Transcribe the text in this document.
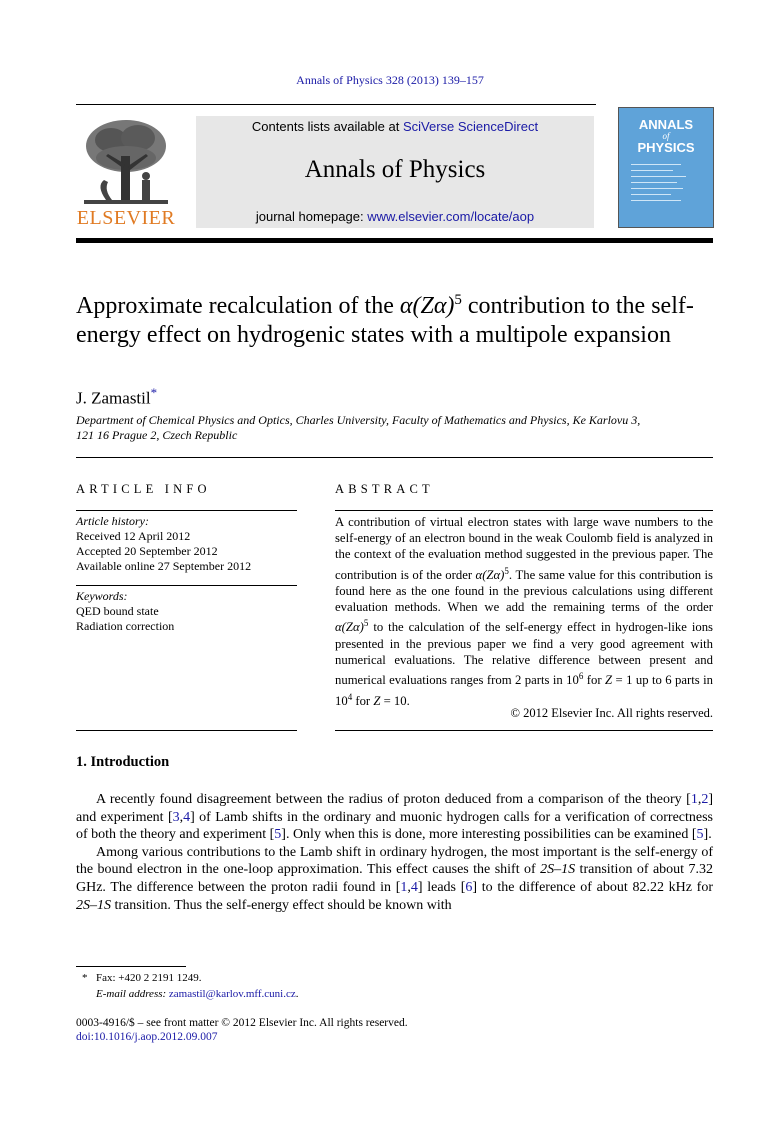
Annals of Physics 328 (2013) 139–157
ELSEVIER
Contents lists available at SciVerse ScienceDirect
Annals of Physics
journal homepage: www.elsevier.com/locate/aop
ANNALS
of
PHYSICS
Approximate recalculation of the $\alpha(Z\alpha)^5$ contribution to the self-energy effect on hydrogenic states with a multipole expansion
J. Zamastil*
Department of Chemical Physics and Optics, Charles University, Faculty of Mathematics and Physics, Ke Karlovu 3,
121 16 Prague 2, Czech Republic
ARTICLE INFO
Article history:
Received 12 April 2012
Accepted 20 September 2012
Available online 27 September 2012
Keywords:
QED bound state
Radiation correction
ABSTRACT
A contribution of virtual electron states with large wave numbers to the self-energy of an electron bound in the weak Coulomb field is analyzed in the context of the evaluation method suggested in the previous paper. The contribution is of the order $\alpha(Z\alpha)^5$. The same value for this contribution is found here as the one found in the previous calculations using different evaluation methods. When we add the remaining terms of the order $\alpha(Z\alpha)^5$ to the calculation of the self-energy effect in hydrogen-like ions presented in the previous paper we find a very good agreement with numerical evaluations. The relative difference between present and numerical evaluations ranges from 2 parts in $10^6$ for Z = 1 up to 6 parts in $10^4$ for Z = 10.
© 2012 Elsevier Inc. All rights reserved.
1. Introduction

A recently found disagreement between the radius of proton deduced from a comparison of the theory [1,2] and experiment [3,4] of Lamb shifts in the ordinary and muonic hydrogen calls for a verification of correctness of both the theory and experiment [5]. Only when this is done, more interesting possibilities can be examined [5].

Among various contributions to the Lamb shift in ordinary hydrogen, the most important is the self-energy of the bound electron in the one-loop approximation. This effect causes the shift of 2S–1S transition of about 7.32 GHz. The difference between the proton radii found in [1,4] leads [6] to the difference of about 82.22 kHz for 2S–1S transition. Thus the self-energy effect should be known with

* Fax: +420 2 2191 1249.
E-mail address: zamastil@karlov.mff.cuni.cz.
0003-4916/$ – see front matter © 2012 Elsevier Inc. All rights reserved.
doi:10.1016/j.aop.2012.09.007
